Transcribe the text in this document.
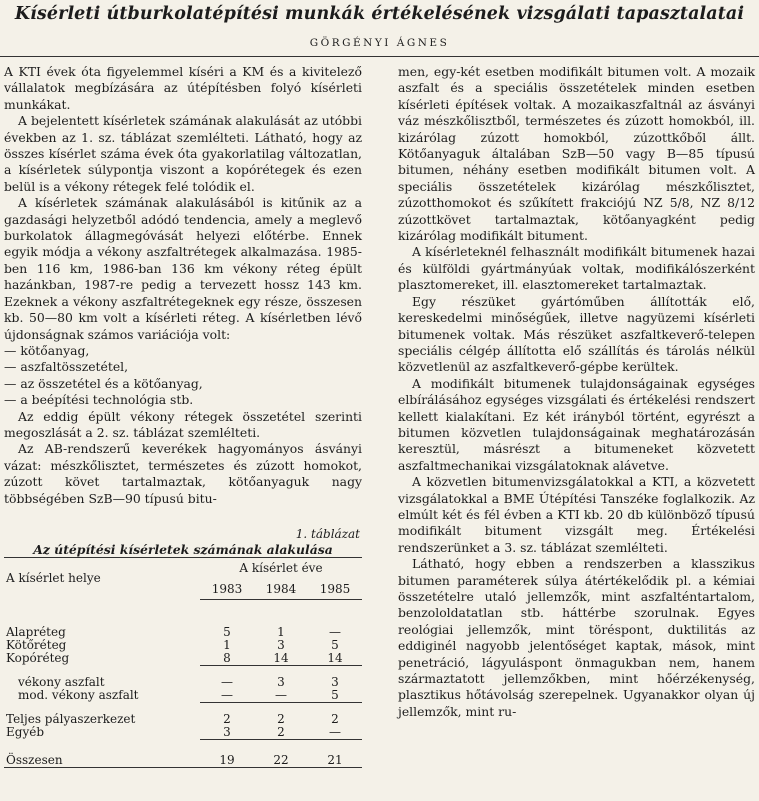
Kísérleti útburkolatépítési munkák értékelésének vizsgálati tapasztalatai
GÖRGÉNYI ÁGNES

A KTI évek óta figyelemmel kíséri a KM és a kivitelező vállalatok megbízására az útépítésben folyó kísérleti munkákat.

A bejelentett kísérletek számának alakulását az utóbbi években az 1. sz. táblázat szemlélteti. Látható, hogy az összes kísérlet száma évek óta gyakorlatilag változatlan, a kísérletek súlypontja viszont a kopórétegek és ezen belül is a vékony rétegek felé tolódik el.

A kísérletek számának alakulásából is kitűnik az a gazdasági helyzetből adódó tendencia, amely a meglevő burkolatok állagmegóvását helyezi előtérbe. Ennek egyik módja a vékony aszfaltrétegek alkalmazása. 1985-ben 116 km, 1986-ban 136 km vékony réteg épült hazánkban, 1987-re pedig a tervezett hossz 143 km. Ezeknek a vékony aszfaltrétegeknek egy része, összesen kb. 50—80 km volt a kísérleti réteg. A kísérletben lévő újdonságnak számos variációja volt:

— kötőanyag,
— aszfaltösszetétel,
— az összetétel és a kötőanyag,
— a beépítési technológia stb.

Az eddig épült vékony rétegek összetétel szerinti megoszlását a 2. sz. táblázat szemlélteti.

Az AB-rendszerű keverékek hagyományos ásványi vázat: mészkőlisztet, természetes és zúzott homokot, zúzott követ tartalmaztak, kötőanyaguk nagy többségében SzB—90 típusú bitu-

1. táblázat
Az útépítési kísérletek számának alakulása
A kísérlet helye	A kísérlet éve		
	1983	1984	1985
Alapréteg	5	1	—
Kötőréteg	1	3	5
Kopóréteg	8	14	14
vékony aszfalt	—	3	3
mod. vékony aszfalt	—	—	5
Teljes pályaszerkezet	2	2	2
Egyéb	3	2	—
Összesen	19	22	21

men, egy-két esetben modifikált bitumen volt. A mozaik aszfalt és a speciális összetételek minden esetben kísérleti építések voltak. A mozaikaszfaltnál az ásványi váz mészkőlisztből, természetes és zúzott homokból, ill. kizárólag zúzott homokból, zúzottkőből állt. Kötőanyaguk általában SzB—50 vagy B—85 típusú bitumen, néhány esetben modifikált bitumen volt. A speciális összetételek kizárólag mészkőlisztet, zúzotthomokot és szűkített frakciójú NZ 5/8, NZ 8/12 zúzottkövet tartalmaztak, kötőanyagként pedig kizárólag modifikált bitument.

A kísérleteknél felhasznált modifikált bitumenek hazai és külföldi gyártmányúak voltak, modifikálószerként plasztomereket, ill. elasztomereket tartalmaztak.

Egy részüket gyártóműben állították elő, kereskedelmi minőségűek, illetve nagyüzemi kísérleti bitumenek voltak. Más részüket aszfaltkeverő-telepen speciális célgép állította elő szállítás és tárolás nélkül közvetlenül az aszfaltkeverő-gépbe kerültek.

A modifikált bitumenek tulajdonságainak egységes elbírálásához egységes vizsgálati és értékelési rendszert kellett kialakítani. Ez két irányból történt, egyrészt a bitumen közvetlen tulajdonságainak meghatározásán keresztül, másrészt a bitumeneket közvetett aszfaltmechanikai vizsgálatoknak alávetve.

A közvetlen bitumenvizsgálatokkal a KTI, a közvetett vizsgálatokkal a BME Útépítési Tanszéke foglalkozik. Az elmúlt két és fél évben a KTI kb. 20 db különböző típusú modifikált bitument vizsgált meg. Értékelési rendszerünket a 3. sz. táblázat szemlélteti.

Látható, hogy ebben a rendszerben a klasszikus bitumen paraméterek súlya átértékelődik pl. a kémiai összetételre utaló jellemzők, mint aszfalténtartalom, benzololdatatlan stb. háttérbe szorulnak. Egyes reológiai jellemzők, mint töréspont, duktilitás az eddiginél nagyobb jelentőséget kaptak, mások, mint penetráció, lágyuláspont önmagukban nem, hanem származtatott jellemzőkben, mint hőérzékenység, plasztikus hőtávolság szerepelnek. Ugyanakkor olyan új jellemzők, mint ru-
